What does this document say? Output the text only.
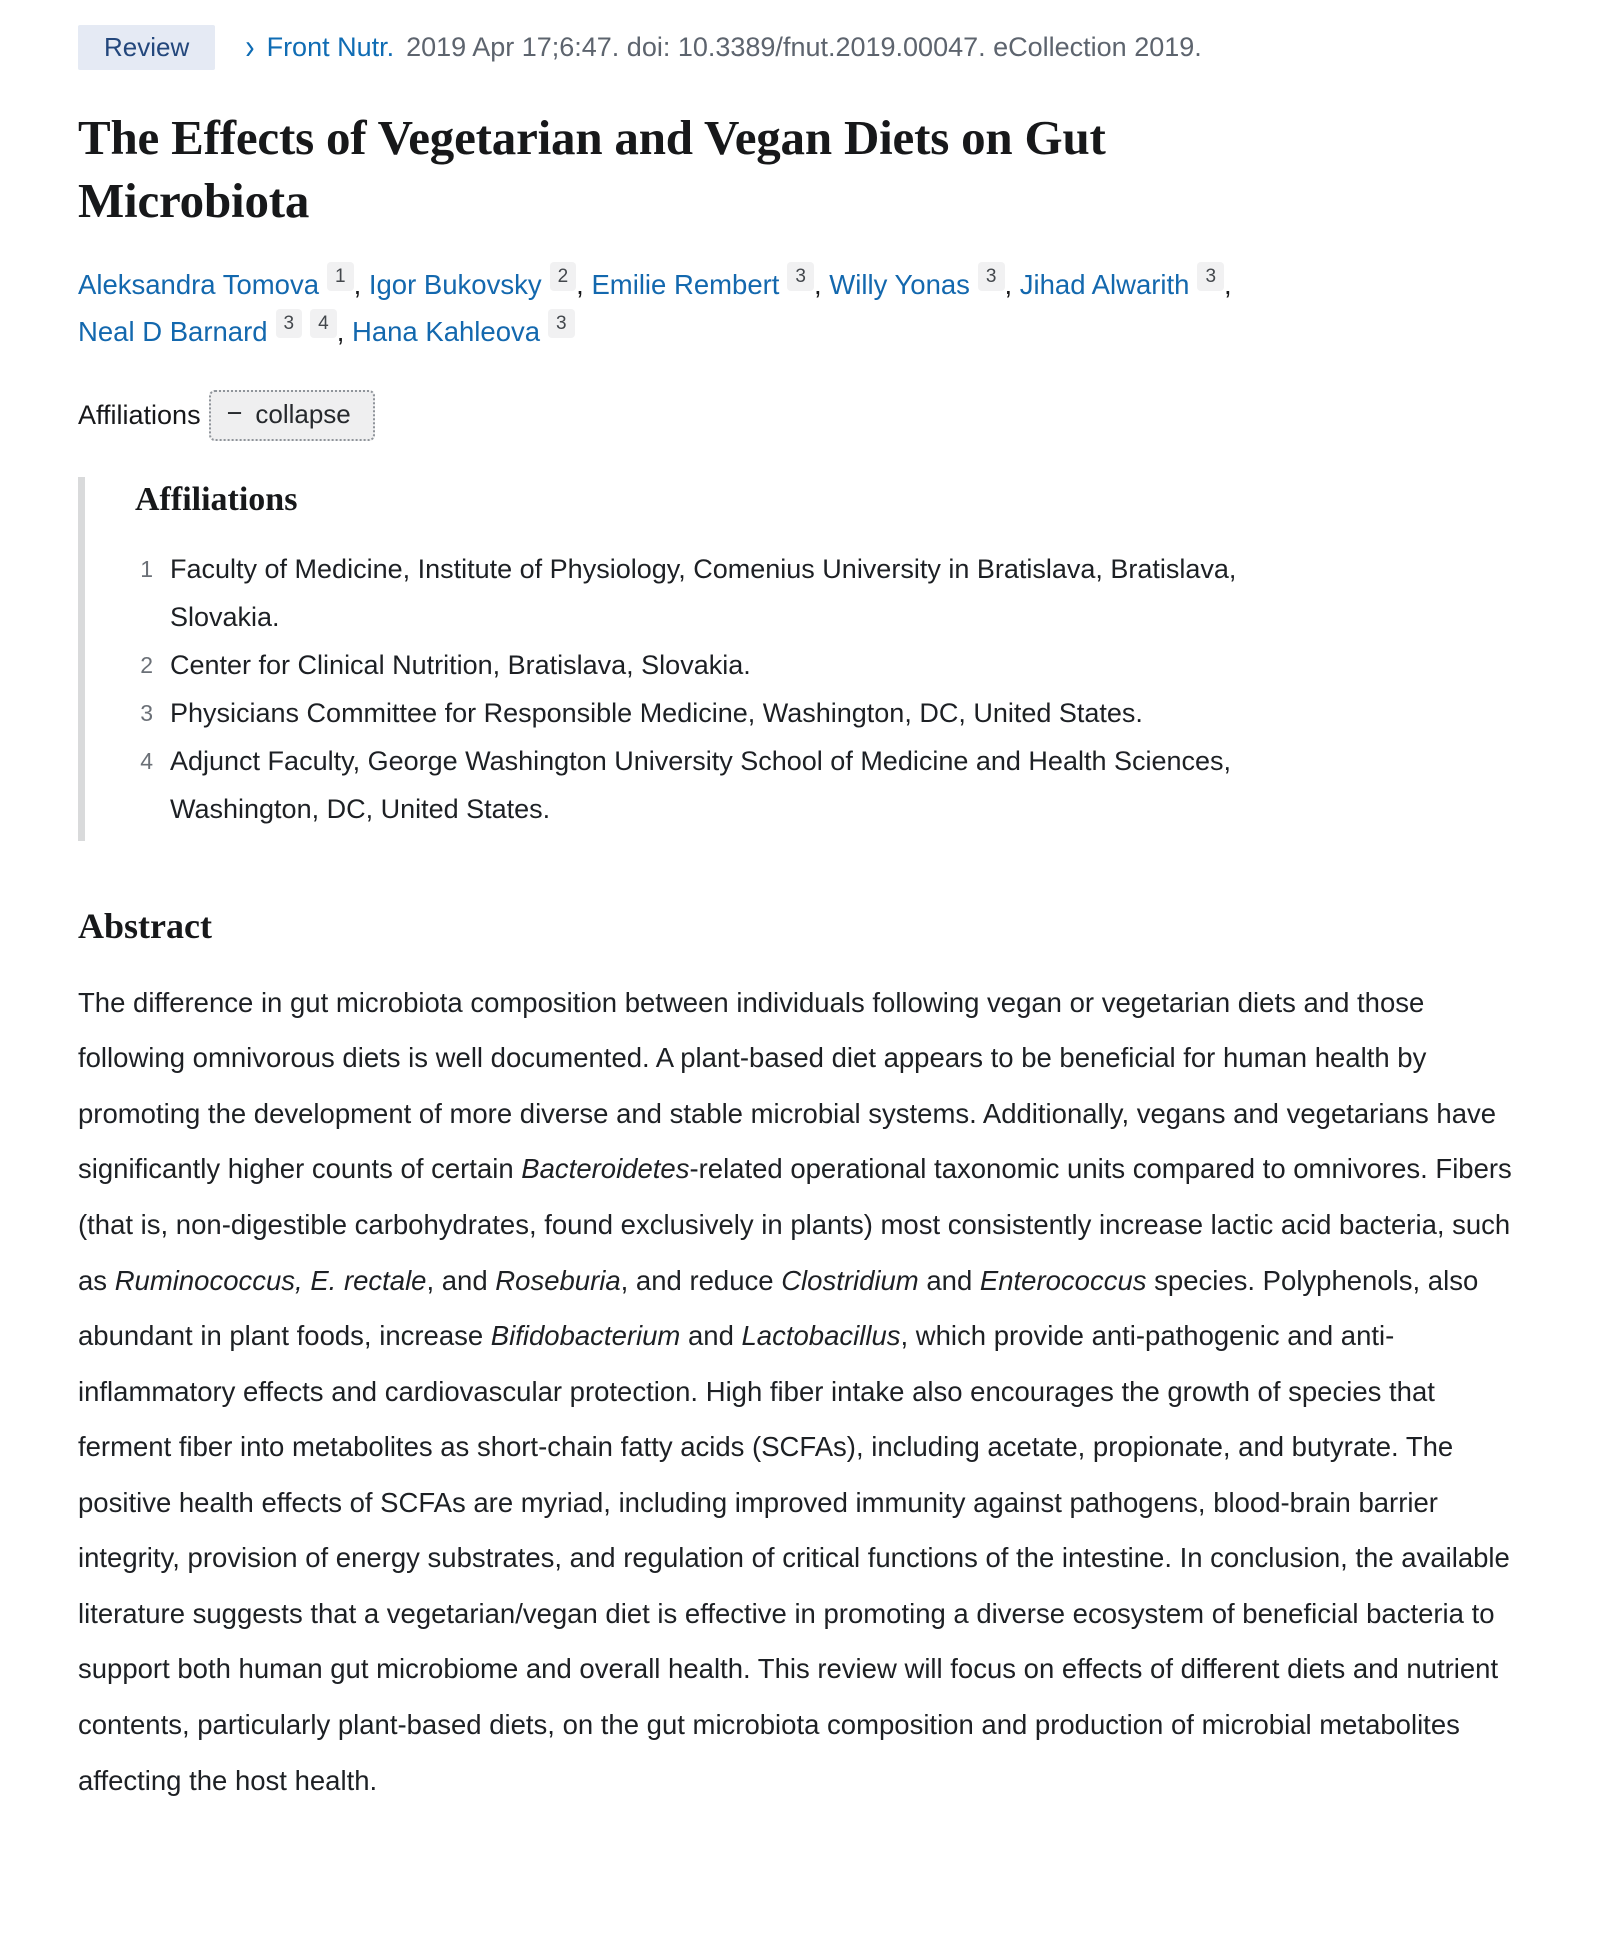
Review	› Front Nutr. 2019 Apr 17;6:47. doi: 10.3389/fnut.2019.00047. eCollection 2019.
The Effects of Vegetarian and Vegan Diets on Gut Microbiota
Aleksandra Tomova 1 , Igor Bukovsky 2 , Emilie Rembert 3 , Willy Yonas 3 , Jihad Alwarith 3 , Neal D Barnard 3 4 , Hana Kahleova 3
Affiliations − collapse
Affiliations
1 Faculty of Medicine, Institute of Physiology, Comenius University in Bratislava, Bratislava, Slovakia.
2 Center for Clinical Nutrition, Bratislava, Slovakia.
3 Physicians Committee for Responsible Medicine, Washington, DC, United States.
4 Adjunct Faculty, George Washington University School of Medicine and Health Sciences, Washington, DC, United States.
Abstract

The difference in gut microbiota composition between individuals following vegan or vegetarian diets and those following omnivorous diets is well documented. A plant-based diet appears to be beneficial for human health by promoting the development of more diverse and stable microbial systems. Additionally, vegans and vegetarians have significantly higher counts of certain Bacteroidetes-related operational taxonomic units compared to omnivores. Fibers (that is, non-digestible carbohydrates, found exclusively in plants) most consistently increase lactic acid bacteria, such as Ruminococcus, E. rectale, and Roseburia, and reduce Clostridium and Enterococcus species. Polyphenols, also abundant in plant foods, increase Bifidobacterium and Lactobacillus, which provide anti-pathogenic and anti-inflammatory effects and cardiovascular protection. High fiber intake also encourages the growth of species that ferment fiber into metabolites as short-chain fatty acids (SCFAs), including acetate, propionate, and butyrate. The positive health effects of SCFAs are myriad, including improved immunity against pathogens, blood-brain barrier integrity, provision of energy substrates, and regulation of critical functions of the intestine. In conclusion, the available literature suggests that a vegetarian/vegan diet is effective in promoting a diverse ecosystem of beneficial bacteria to support both human gut microbiome and overall health. This review will focus on effects of different diets and nutrient contents, particularly plant-based diets, on the gut microbiota composition and production of microbial metabolites affecting the host health.
